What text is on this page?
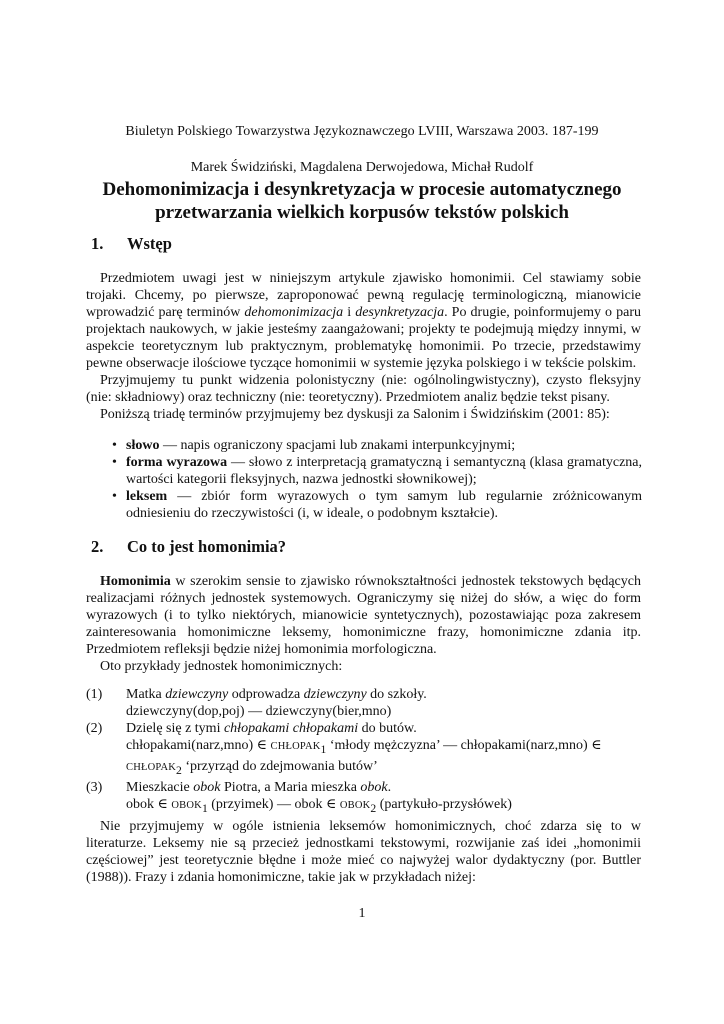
Biuletyn Polskiego Towarzystwa Językoznawczego LVIII, Warszawa 2003. 187-199
Marek Świdziński, Magdalena Derwojedowa, Michał Rudolf
Dehomonimizacja i desynkretyzacja w procesie automatycznego przetwarzania wielkich korpusów tekstów polskich
1. Wstęp

Przedmiotem uwagi jest w niniejszym artykule zjawisko homonimii. Cel stawiamy sobie trojaki. Chcemy, po pierwsze, zaproponować pewną regulację terminologiczną, mianowicie wprowadzić parę terminów dehomonimizacja i desynkretyzacja. Po drugie, poinformujemy o paru projektach naukowych, w jakie jesteśmy zaangażowani; projekty te podejmują między innymi, w aspekcie teoretycznym lub praktycznym, problematykę homonimii. Po trzecie, przedstawimy pewne obserwacje ilościowe tyczące homonimii w systemie języka polskiego i w tekście polskim.

Przyjmujemy tu punkt widzenia polonistyczny (nie: ogólnolingwistyczny), czysto fleksyjny (nie: składniowy) oraz techniczny (nie: teoretyczny). Przedmiotem analiz będzie tekst pisany.

Poniższą triadę terminów przyjmujemy bez dyskusji za Salonim i Świdzińskim (2001: 85):

• słowo — napis ograniczony spacjami lub znakami interpunkcyjnymi;
• forma wyrazowa — słowo z interpretacją gramatyczną i semantyczną (klasa gramatyczna, wartości kategorii fleksyjnych, nazwa jednostki słownikowej);
• leksem — zbiór form wyrazowych o tym samym lub regularnie zróżnicowanym odniesieniu do rzeczywistości (i, w ideale, o podobnym kształcie).
2. Co to jest homonimia?

Homonimia w szerokim sensie to zjawisko równokształtności jednostek tekstowych będących realizacjami różnych jednostek systemowych. Ograniczymy się niżej do słów, a więc do form wyrazowych (i to tylko niektórych, mianowicie syntetycznych), pozostawiając poza zakresem zainteresowania homonimiczne leksemy, homonimiczne frazy, homonimiczne zdania itp. Przedmiotem refleksji będzie niżej homonimia morfologiczna.

Oto przykłady jednostek homonimicznych:

(1)	Matka dziewczyny odprowadza dziewczyny do szkoły.
dziewczyny(dop,poj) — dziewczyny(bier,mno)
(2)	Dzielę się z tymi chłopakami chłopakami do butów.
chłopakami(narz,mno) ∈ $CHŁOPAK_1$ ‘młody mężczyzna’ — chłopakami(narz,mno) ∈
$CHŁOPAK_2$ ‘przyrząd do zdejmowania butów’
(3)	Mieszkacie obok Piotra, a Maria mieszka obok.
obok ∈ $OBOK_1$ (przyimek) — obok ∈ $OBOK_2$ (partykuło-przysłówek)

Nie przyjmujemy w ogóle istnienia leksemów homonimicznych, choć zdarza się to w literaturze. Leksemy nie są przecież jednostkami tekstowymi, rozwijanie zaś idei „homonimii częściowej” jest teoretycznie błędne i może mieć co najwyżej walor dydaktyczny (por. Buttler (1988)). Frazy i zdania homonimiczne, takie jak w przykładach niżej:

1
